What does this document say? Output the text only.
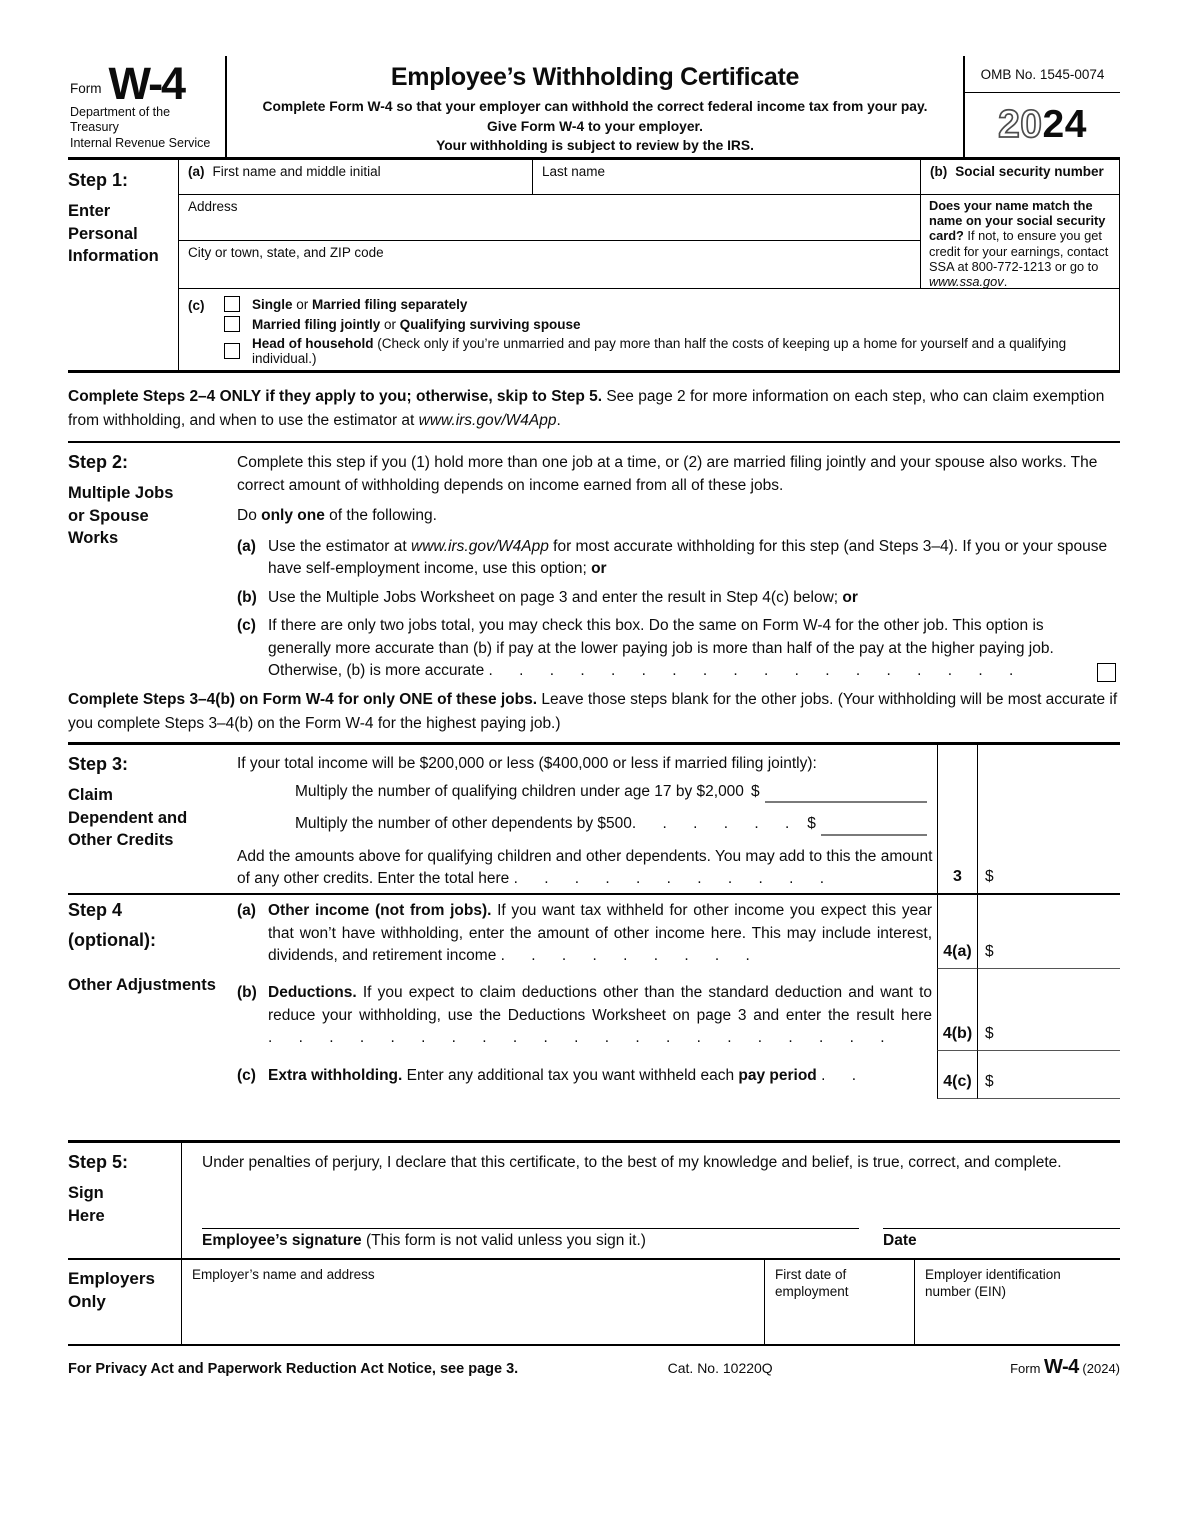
Form W-4
Department of the Treasury
Internal Revenue Service
Employee’s Withholding Certificate
Complete Form W-4 so that your employer can withhold the correct federal income tax from your pay.
Give Form W-4 to your employer.
Your withholding is subject to review by the IRS.
OMB No. 1545-0074
20 24
Step 1:
Enter Personal Information
(a) First name and middle initial	Last name	(b) Social security number
Address
City or town, state, and ZIP code
Does your name match the name on your social security card? If not, to ensure you get credit for your earnings, contact SSA at 800-772-1213 or go to www.ssa.gov.
(c)	Single or Married filing separately
Married filing jointly or Qualifying surviving spouse
Head of household (Check only if you’re unmarried and pay more than half the costs of keeping up a home for yourself and a qualifying individual.)
Complete Steps 2–4 ONLY if they apply to you; otherwise, skip to Step 5. See page 2 for more information on each step, who can claim exemption from withholding, and when to use the estimator at www.irs.gov/W4App.
Step 2:
Multiple Jobs or Spouse Works

Complete this step if you (1) hold more than one job at a time, or (2) are married filing jointly and your spouse also works. The correct amount of withholding depends on income earned from all of these jobs.

Do only one of the following.

(a) Use the estimator at www.irs.gov/W4App for most accurate withholding for this step (and Steps 3–4). If you or your spouse have self-employment income, use this option; or
(b) Use the Multiple Jobs Worksheet on page 3 and enter the result in Step 4(c) below; or
(c) If there are only two jobs total, you may check this box. Do the same on Form W-4 for the other job. This option is generally more accurate than (b) if pay at the lower paying job is more than half of the pay at the higher paying job. Otherwise, (b) is more accurate . . . . . . . . . . . . . . . . . .
Complete Steps 3–4(b) on Form W-4 for only ONE of these jobs. Leave those steps blank for the other jobs. (Your withholding will be most accurate if you complete Steps 3–4(b) on the Form W-4 for the highest paying job.)
Step 3:
Claim Dependent and Other Credits
If your total income will be $200,000 or less ($400,000 or less if married filing jointly):
Multiply the number of qualifying children under age 17 by $2,000 $
Multiply the number of other dependents by $500 . . . . . . $
Add the amounts above for qualifying children and other dependents. You may add to this the amount of any other credits. Enter the total here . . . . . . . . . . .	3	$
Step 4
(optional):
(a) Other income (not from jobs). If you want tax withheld for other income you expect this year that won’t have withholding, enter the amount of other income here. This may include interest, dividends, and retirement income . . . . . . . . .	4(a) $
Other Adjustments	(b) Deductions. If you expect to claim deductions other than the standard deduction and want to reduce your withholding, use the Deductions Worksheet on page 3 and enter the result here . . . . . . . . . . . . . . . . . . . . .	4(b) $
(c) Extra withholding. Enter any additional tax you want withheld each pay period . .	4(c) $
Step 5:
Sign Here
Under penalties of perjury, I declare that this certificate, to the best of my knowledge and belief, is true, correct, and complete.
Employee’s signature (This form is not valid unless you sign it.)	Date
Employers Only
Employer’s name and address	First date of employment
Employer identification number (EIN)
For Privacy Act and Paperwork Reduction Act Notice, see page 3.	Cat. No. 10220Q	Form W-4 (2024)
